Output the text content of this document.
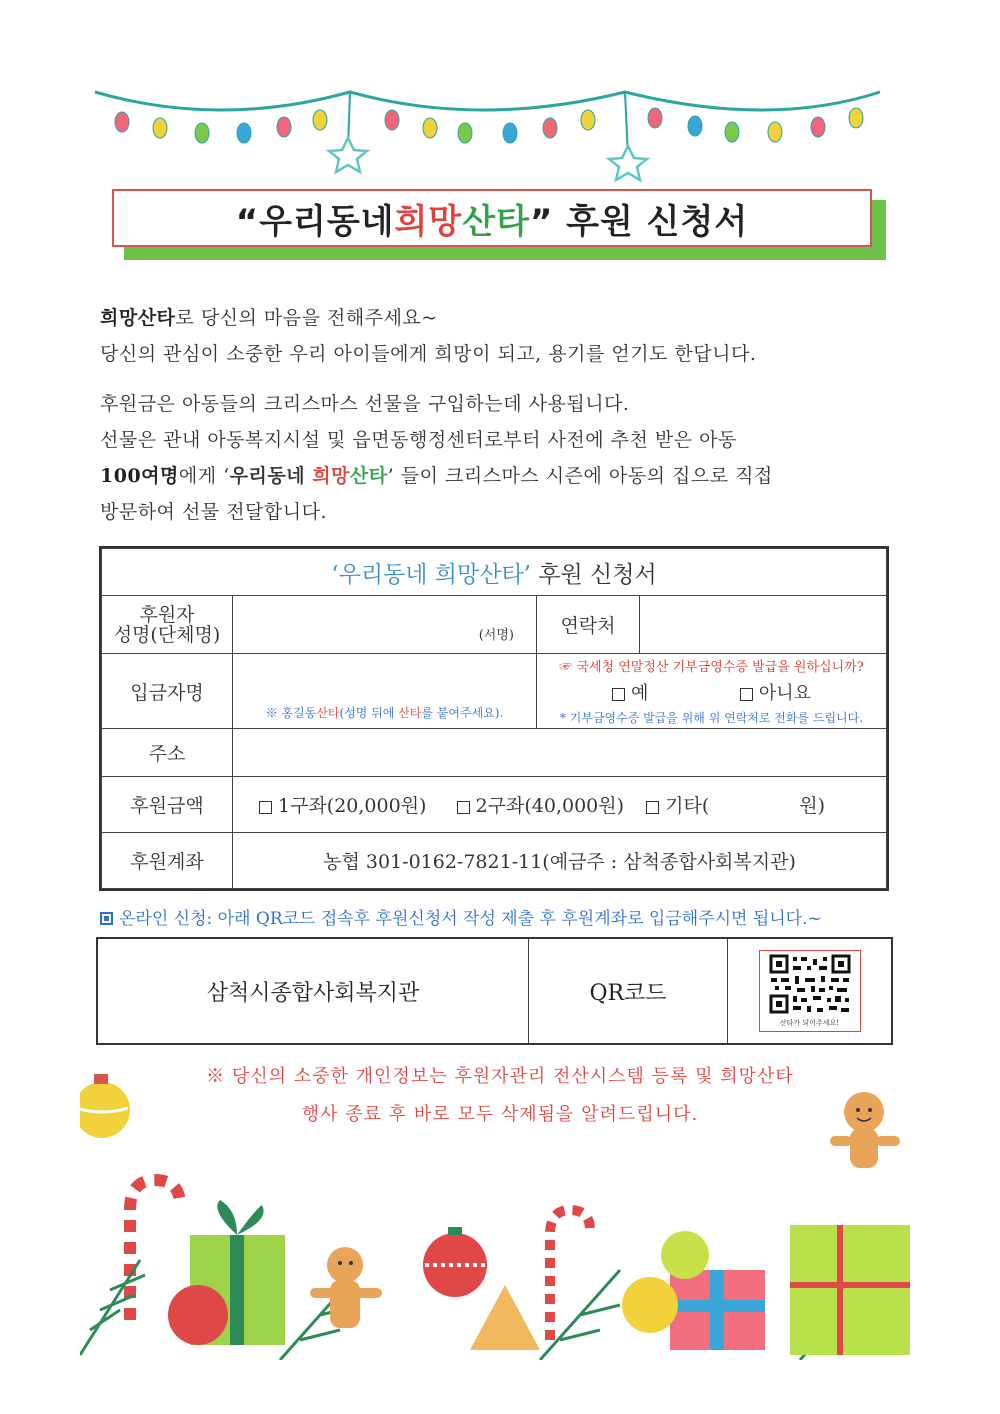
“우리동네 희망 산타 ” 후원 신청서
희망산타로 당신의 마음을 전해주세요~
당신의 관심이 소중한 우리 아이들에게 희망이 되고, 용기를 얻기도 한답니다.
후원금은 아동들의 크리스마스 선물을 구입하는데 사용됩니다.
선물은 관내 아동복지시설 및 읍면동행정센터로부터 사전에 추천 받은 아동
100여명에게 ‘우리동네 희망산타’ 들이 크리스마스 시즌에 아동의 집으로 직접
방문하여 선물 전달합니다.
‘우리동네 희망산타’ 후원 신청서			

후원자
성명(단체명)	(서명)	연락처	
입금자명	※ 홍길동산타(성명 뒤에 산타를 붙여주세요).	☞ 국세청 연말정산 기부금영수증 발급을 원하십니까?
예 아니요
* 기부금영수증 발급을 위해 위 연락처로 전화를 드립니다.	

주소			
후원금액	1구좌(20,000원) 2구좌(40,000원) 기타( 원)		
후원계좌	농협 301-0162-7821-11(예금주 : 삼척종합사회복지관)		
온라인 신청: 아래 QR코드 접속후 후원신청서 작성 제출 후 후원계좌로 입금해주시면 됩니다.~
삼척시종합사회복지관	QR코드
산타가 되어주세요!
※ 당신의 소중한 개인정보는 후원자관리 전산시스템 등록 및 희망산타
행사 종료 후 바로 모두 삭제됨을 알려드립니다.
